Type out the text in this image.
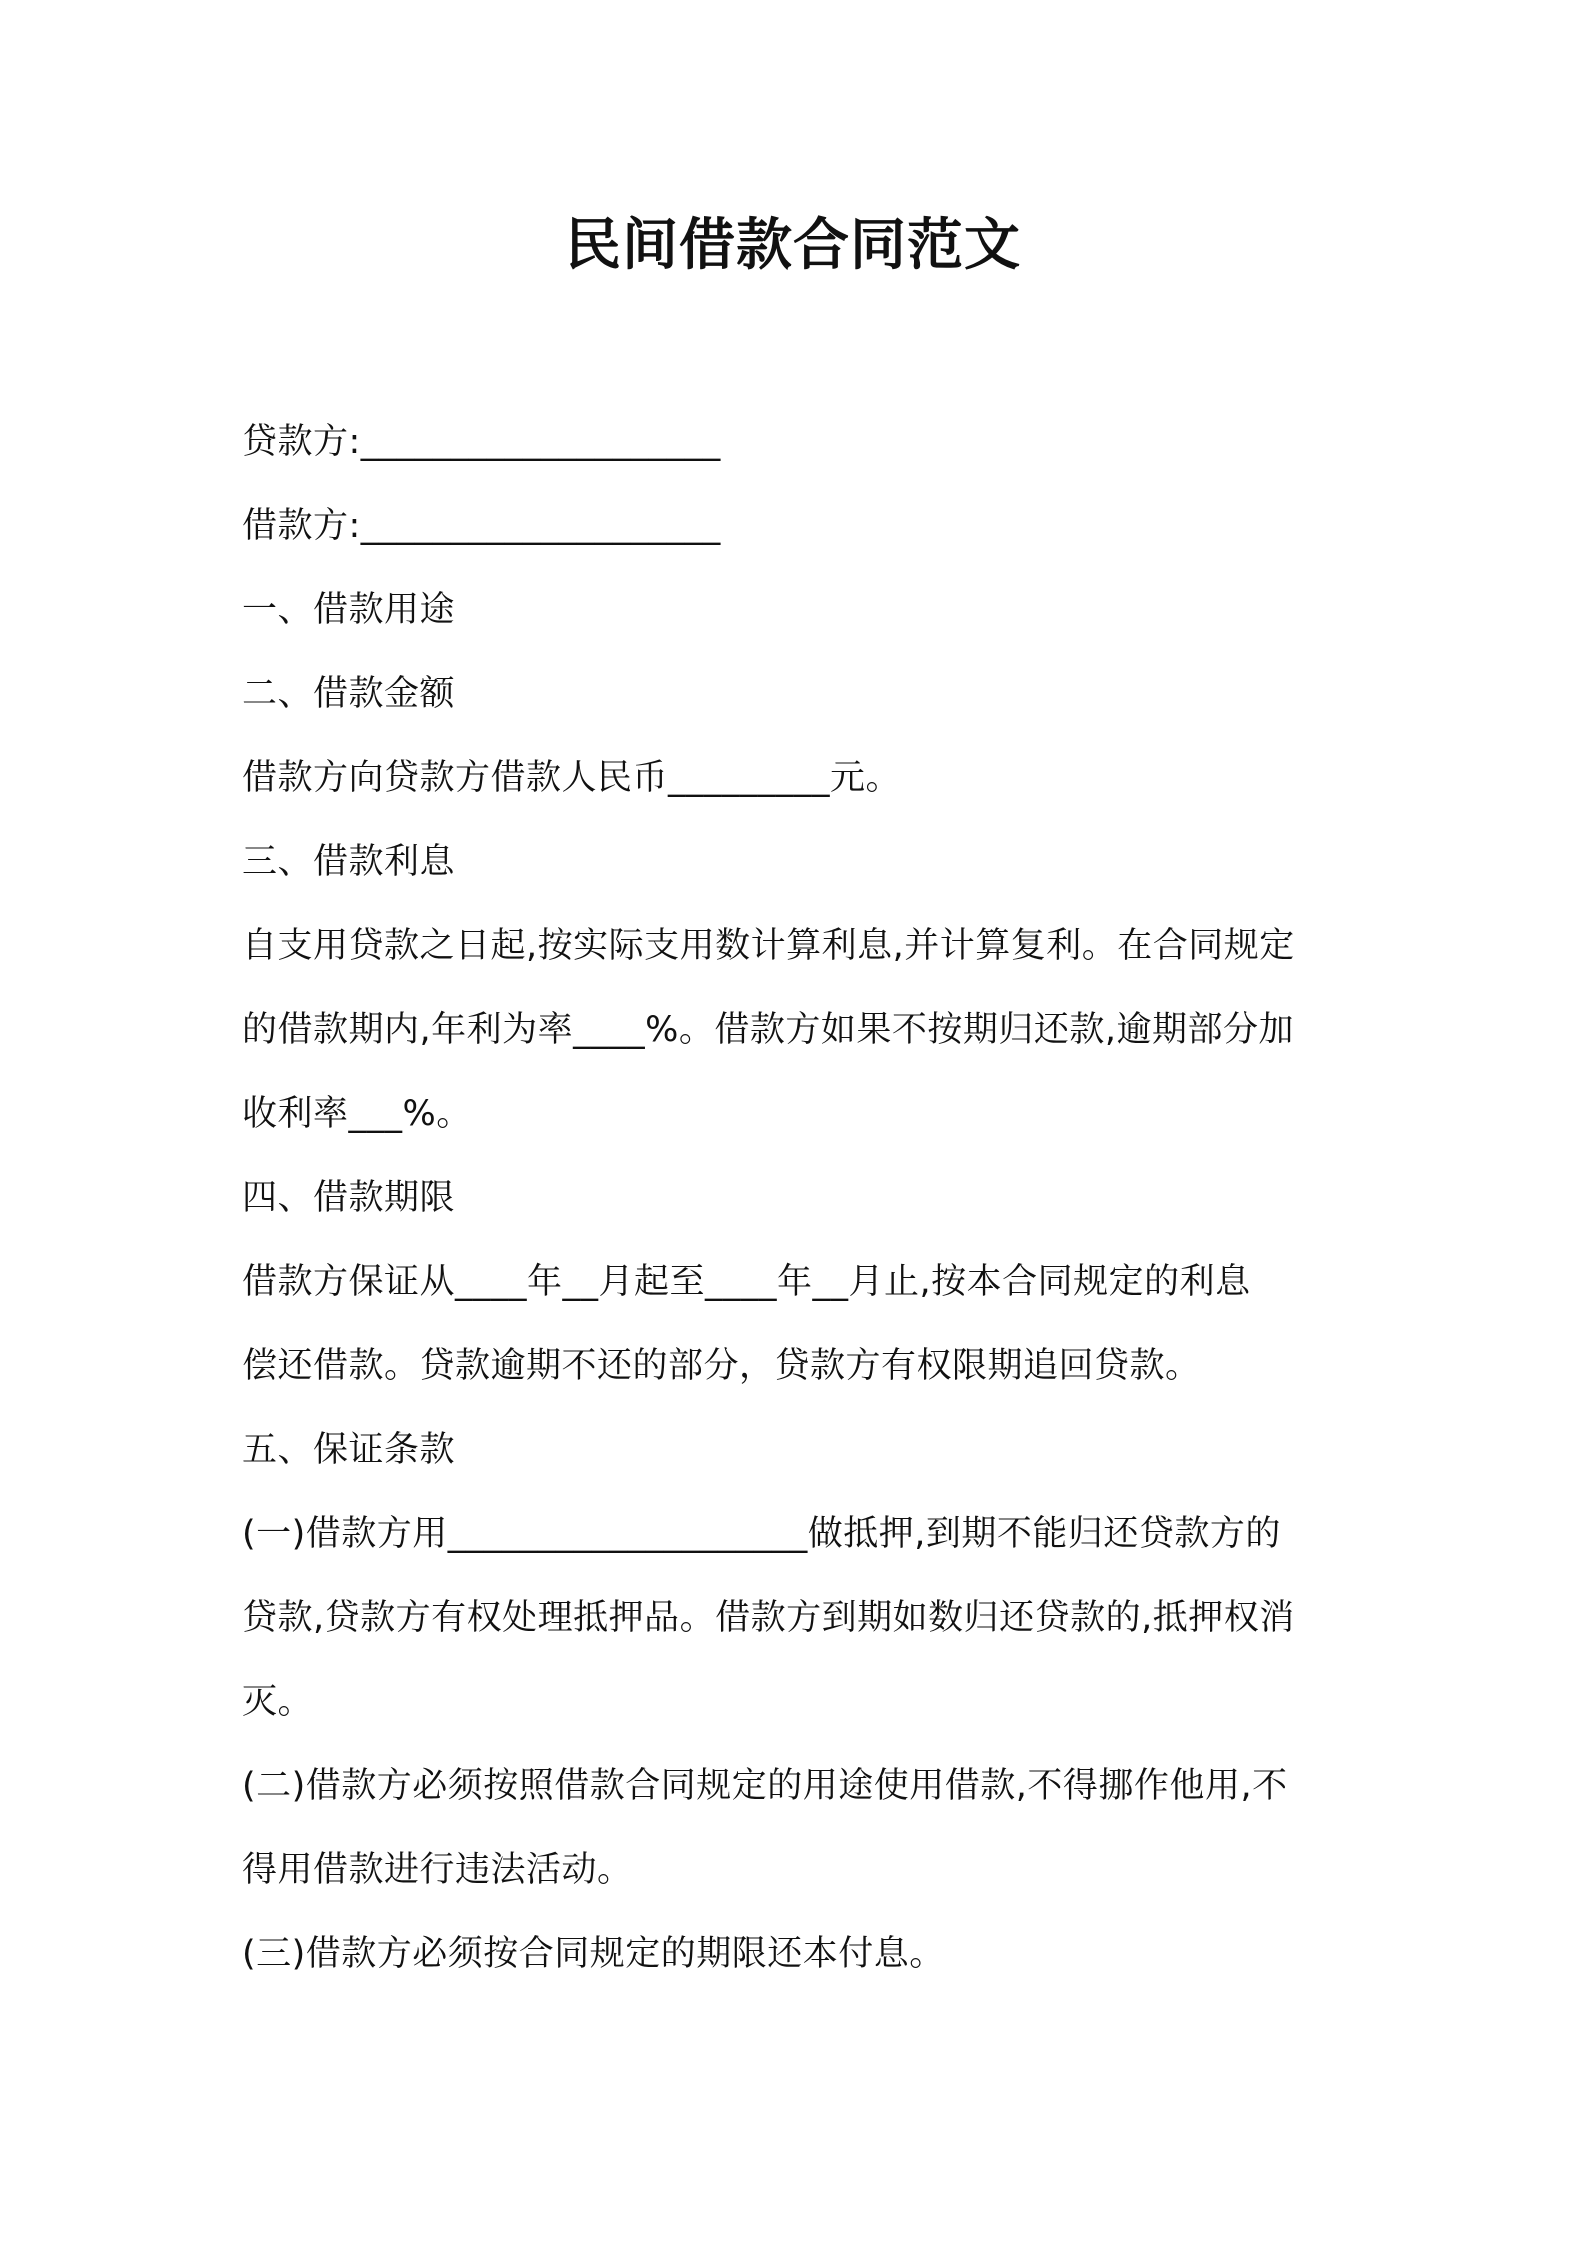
民间借款合同范文
贷款方:____________________
借款方:____________________
一、借款用途
二、借款金额
借款方向贷款方借款人民币_________元。
三、借款利息
自支用贷款之日起,按实际支用数计算利息,并计算复利。在合同规定
的借款期内,年利为率____%。借款方如果不按期归还款,逾期部分加
收利率___%。
四、借款期限
借款方保证从____年__月起至____年__月止,按本合同规定的利息
偿还借款。贷款逾期不还的部分，贷款方有权限期追回贷款。
五、保证条款
(一)借款方用____________________做抵押,到期不能归还贷款方的
贷款,贷款方有权处理抵押品。借款方到期如数归还贷款的,抵押权消
灭。
(二)借款方必须按照借款合同规定的用途使用借款,不得挪作他用,不
得用借款进行违法活动。
(三)借款方必须按合同规定的期限还本付息。
